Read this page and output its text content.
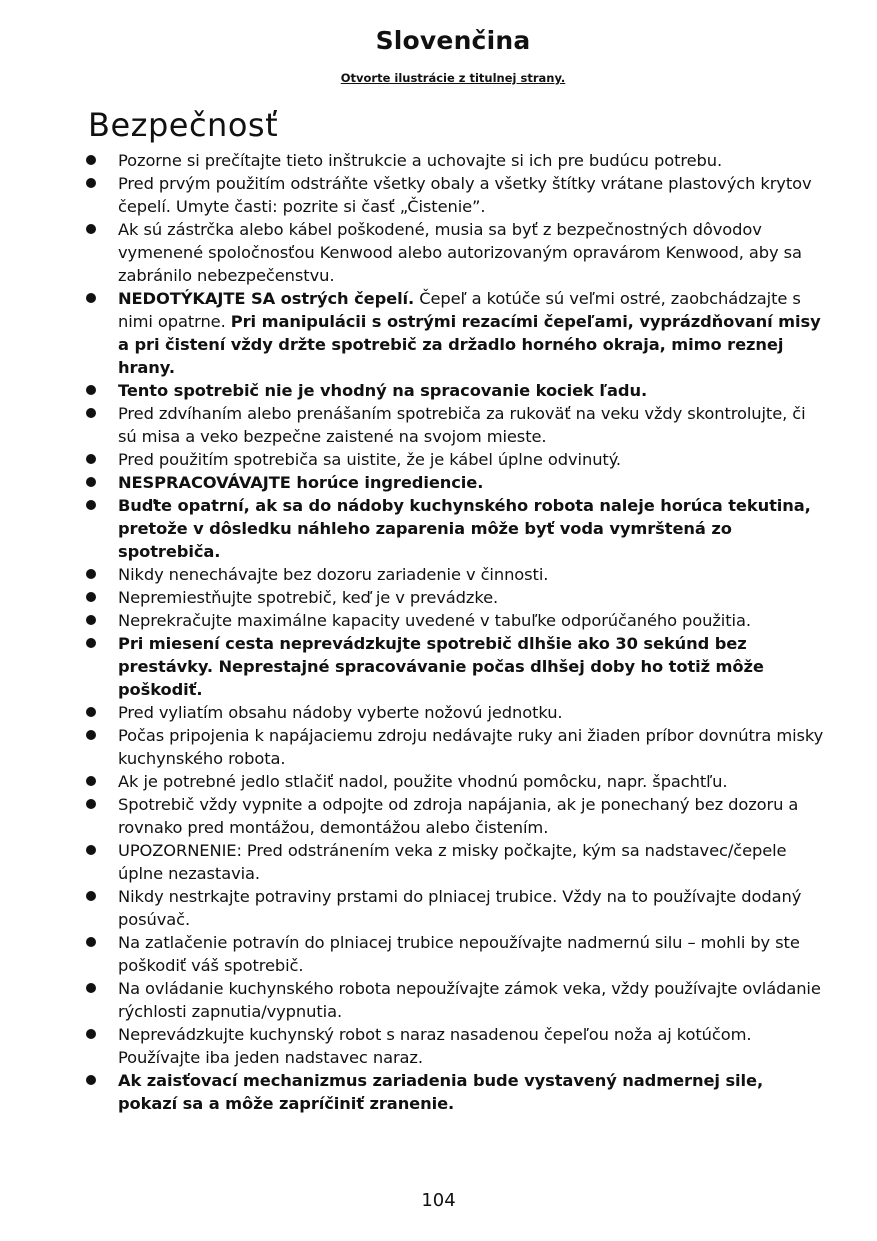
Slovenčina
Otvorte ilustrácie z titulnej strany.
Bezpečnosť
Pozorne si prečítajte tieto inštrukcie a uchovajte si ich pre budúcu potrebu.
Pred prvým použitím odstráňte všetky obaly a všetky štítky vrátane plastových krytov čepelí. Umyte časti: pozrite si časť „Čistenie”.
Ak sú zástrčka alebo kábel poškodené, musia sa byť z bezpečnostných dôvodov vymenené spoločnosťou Kenwood alebo autorizovaným opravárom Kenwood, aby sa zabránilo nebezpečenstvu.
NEDOTÝKAJTE SA ostrých čepelí. Čepeľ a kotúče sú veľmi ostré, zaobchádzajte s nimi opatrne. Pri manipulácii s ostrými rezacími čepeľami, vyprázdňovaní misy a pri čistení vždy držte spotrebič za držadlo horného okraja, mimo reznej hrany.
Tento spotrebič nie je vhodný na spracovanie kociek ľadu.
Pred zdvíhaním alebo prenášaním spotrebiča za rukoväť na veku vždy skontrolujte, či sú misa a veko bezpečne zaistené na svojom mieste.
Pred použitím spotrebiča sa uistite, že je kábel úplne odvinutý.
NESPRACOVÁVAJTE horúce ingrediencie.
Buďte opatrní, ak sa do nádoby kuchynského robota naleje horúca tekutina, pretože v dôsledku náhleho zaparenia môže byť voda vymrštená zo spotrebiča.
Nikdy nenechávajte bez dozoru zariadenie v činnosti.
Nepremiestňujte spotrebič, keď je v prevádzke.
Neprekračujte maximálne kapacity uvedené v tabuľke odporúčaného použitia.
Pri miesení cesta neprevádzkujte spotrebič dlhšie ako 30 sekúnd bez prestávky. Neprestajné spracovávanie počas dlhšej doby ho totiž môže poškodiť.
Pred vyliatím obsahu nádoby vyberte nožovú jednotku.
Počas pripojenia k napájaciemu zdroju nedávajte ruky ani žiaden príbor dovnútra misky kuchynského robota.
Ak je potrebné jedlo stlačiť nadol, použite vhodnú pomôcku, napr. špachtľu.
Spotrebič vždy vypnite a odpojte od zdroja napájania, ak je ponechaný bez dozoru a rovnako pred montážou, demontážou alebo čistením.
UPOZORNENIE: Pred odstránením veka z misky počkajte, kým sa nadstavec/čepele úplne nezastavia.
Nikdy nestrkajte potraviny prstami do plniacej trubice. Vždy na to používajte dodaný posúvač.
Na zatlačenie potravín do plniacej trubice nepoužívajte nadmernú silu – mohli by ste poškodiť váš spotrebič.
Na ovládanie kuchynského robota nepoužívajte zámok veka, vždy používajte ovládanie rýchlosti zapnutia/vypnutia.
Neprevádzkujte kuchynský robot s naraz nasadenou čepeľou noža aj kotúčom. Používajte iba jeden nadstavec naraz.
Ak zaisťovací mechanizmus zariadenia bude vystavený nadmernej sile, pokazí sa a môže zapríčiniť zranenie.
104
